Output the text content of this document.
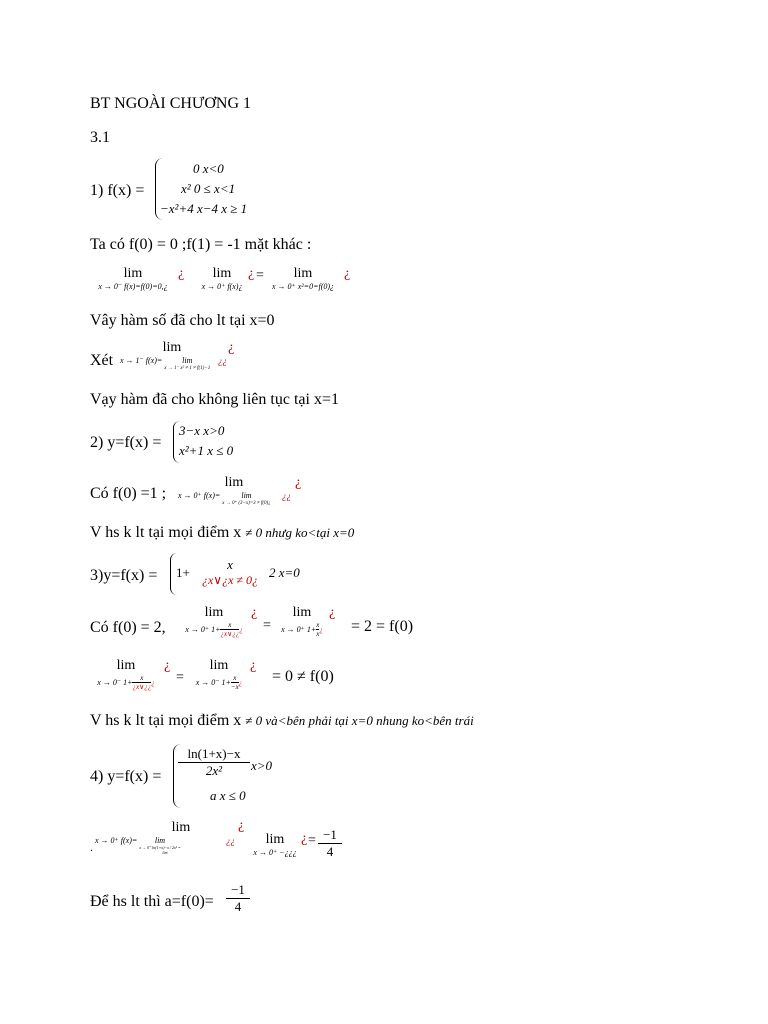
BT NGOÀI CHƯƠNG 1
3.1
1) f(x) =
0 x<0
x² 0 ≤ x<1
−x²+4 x−4 x ≥ 1
Ta có f(0) = 0 ;f(1) = -1 mặt khác :
lim
x → 0⁻ f(x)=f(0)=0,¿
¿	lim
x → 0⁺ f(x)¿
¿ =	lim
x → 0⁺ x²=0=f(0)¿
¿
Vây hàm số đã cho lt tại x=0
Xét
lim
x → 1⁻ f(x)=	lim
x → 1⁻ x² ≠ 1 ≠ f(1)−1
¿
¿¿
Vạy hàm đã cho không liên tục tại x=1
2) y=f(x) =
3−x x>0
x²+1 x ≤ 0
Có f(0) =1 ;
lim
x → 0⁺ f(x)=	lim
x → 0⁺ (3−x)=3 ≠ f(0)¿
¿
¿¿
V hs k lt tại mọi điểm x ≠ 0 nhưg ko<tại x=0
3)y=f(x) = 1+
x
¿x∨¿x ≠ 0¿ 2 x=0
Có f(0) = 2,
lim
x → 0⁺ $1+ \frac{x}{¿x\vee¿¿}$ ¿
¿
=
lim
x → 0⁺ $1+ \frac{x}{x}$ ¿
¿
= 2 = f(0)
lim
x → 0⁻ $1+ \frac{x}{¿x\vee¿¿}$ ¿
¿
=
lim
x → 0⁻ $1+ \frac{x}{-x}$ ¿
¿
= 0 ≠ f(0)
V hs k lt tại mọi điểm x ≠ 0 và<bên phải tại x=0 nhung ko<bên trái
4) $y=f(x) = \frac{\ln(1+x)-x}{\text{2x²}} x>0$
a x ≤ 0
.
lim
x → 0⁺ f(x)=	lim
x → 0⁺ ln(1+x)−x / 2x² =
lim
¿
¿¿	lim
x → 0⁺ −¿¿¿
¿ = $\frac{-1}{4}$
Để hs lt thì $a=f(0)= \frac{-1}{4}$
